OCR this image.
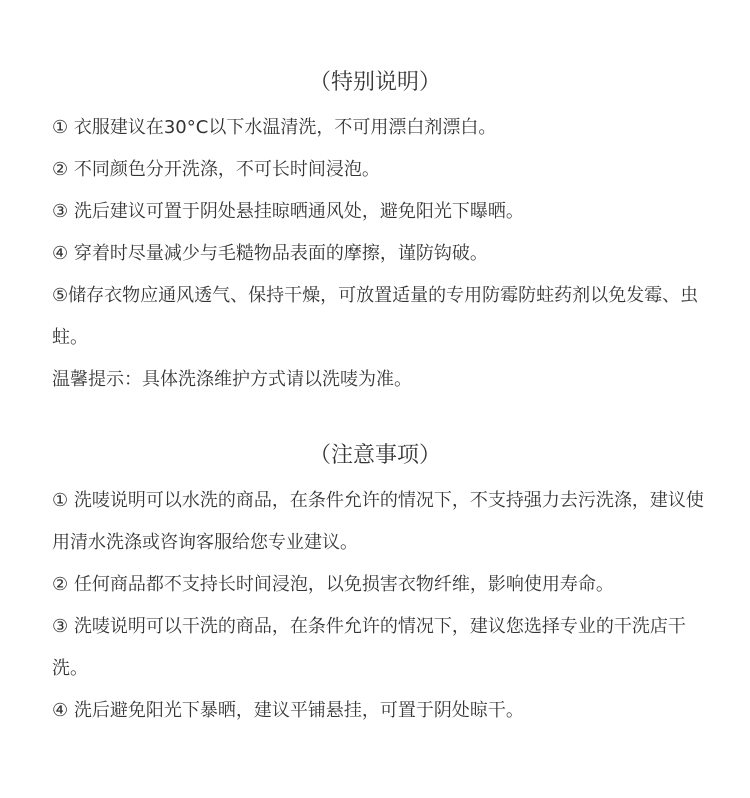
（特别说明）

① 衣服建议在30°C以下水温清洗，不可用漂白剂漂白。

② 不同颜色分开洗涤，不可长时间浸泡。

③ 洗后建议可置于阴处悬挂晾晒通风处，避免阳光下曝晒。

④ 穿着时尽量减少与毛糙物品表面的摩擦，谨防钩破。

⑤储存衣物应通风透气、保持干燥，可放置适量的专用防霉防蛀药剂以免发霉、虫蛀。

温馨提示：具体洗涤维护方式请以洗唛为准。

（注意事项）

① 洗唛说明可以水洗的商品，在条件允许的情况下，不支持强力去污洗涤，建议使用清水洗涤或咨询客服给您专业建议。

② 任何商品都不支持长时间浸泡，以免损害衣物纤维，影响使用寿命。

③ 洗唛说明可以干洗的商品，在条件允许的情况下，建议您选择专业的干洗店干洗。

④ 洗后避免阳光下暴晒，建议平铺悬挂，可置于阴处晾干。
